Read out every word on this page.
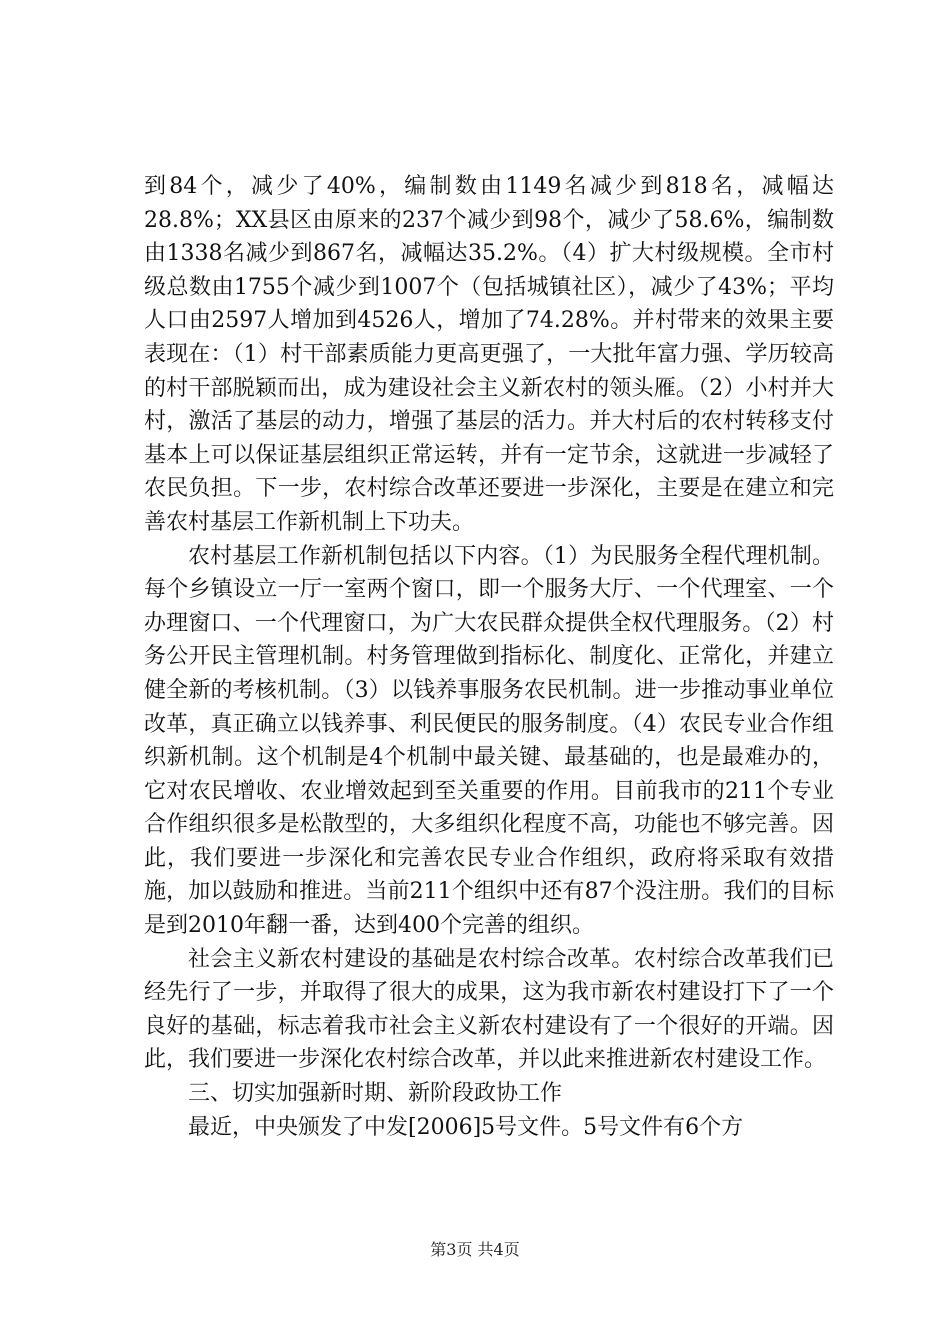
到84个，减少了40%，编制数由1149名减少到818名，减幅达28.8%；XX县区由原来的237个减少到98个，减少了58.6%，编制数由1338名减少到867名，减幅达35.2%。（4）扩大村级规模。全市村级总数由1755个减少到1007个（包括城镇社区），减少了43%；平均人口由2597人增加到4526人，增加了74.28%。并村带来的效果主要表现在：（1）村干部素质能力更高更强了，一大批年富力强、学历较高的村干部脱颖而出，成为建设社会主义新农村的领头雁。（2）小村并大村，激活了基层的动力，增强了基层的活力。并大村后的农村转移支付基本上可以保证基层组织正常运转，并有一定节余，这就进一步减轻了农民负担。下一步，农村综合改革还要进一步深化，主要是在建立和完善农村基层工作新机制上下功夫。

农村基层工作新机制包括以下内容。（1）为民服务全程代理机制。每个乡镇设立一厅一室两个窗口，即一个服务大厅、一个代理室、一个办理窗口、一个代理窗口，为广大农民群众提供全权代理服务。（2）村务公开民主管理机制。村务管理做到指标化、制度化、正常化，并建立健全新的考核机制。（3）以钱养事服务农民机制。进一步推动事业单位改革，真正确立以钱养事、利民便民的服务制度。（4）农民专业合作组织新机制。这个机制是4个机制中最关键、最基础的，也是最难办的，它对农民增收、农业增效起到至关重要的作用。目前我市的211个专业合作组织很多是松散型的，大多组织化程度不高，功能也不够完善。因此，我们要进一步深化和完善农民专业合作组织，政府将采取有效措施，加以鼓励和推进。当前211个组织中还有87个没注册。我们的目标是到2010年翻一番，达到400个完善的组织。

社会主义新农村建设的基础是农村综合改革。农村综合改革我们已经先行了一步，并取得了很大的成果，这为我市新农村建设打下了一个良好的基础，标志着我市社会主义新农村建设有了一个很好的开端。因此，我们要进一步深化农村综合改革，并以此来推进新农村建设工作。

三、切实加强新时期、新阶段政协工作

最近，中央颁发了中发[2006]5号文件。5号文件有6个方

第3页 共4页
